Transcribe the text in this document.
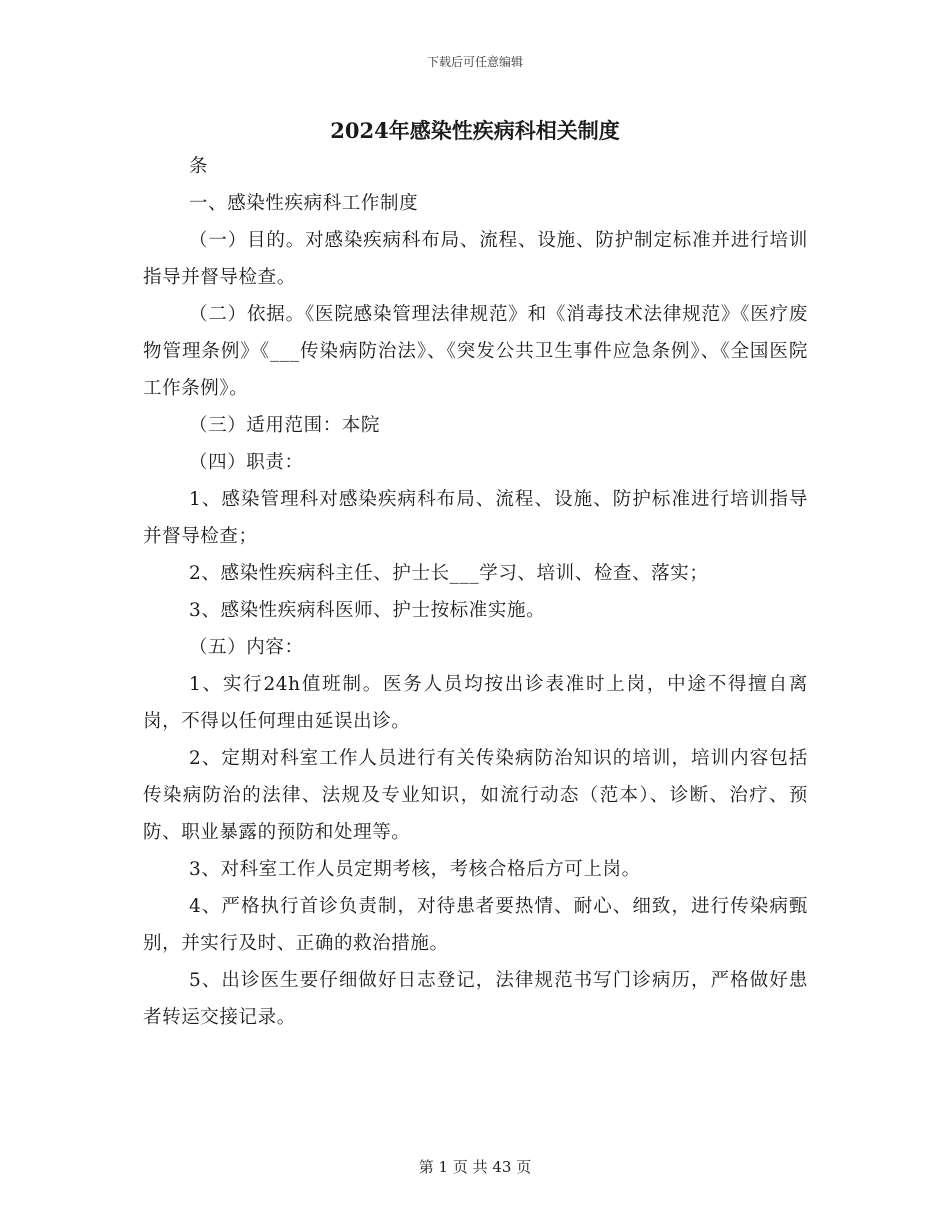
下载后可任意编辑
2024年感染性疾病科相关制度

条

一、感染性疾病科工作制度

（一）目的。对感染疾病科布局、流程、设施、防护制定标准并进行培训指导并督导检查。

（二）依据。《医院感染管理法律规范》和《消毒技术法律规范》《医疗废物管理条例》《___传染病防治法》、《突发公共卫生事件应急条例》、《全国医院工作条例》。

（三）适用范围：本院

（四）职责：

1、感染管理科对感染疾病科布局、流程、设施、防护标准进行培训指导并督导检查；

2、感染性疾病科主任、护士长___学习、培训、检查、落实；

3、感染性疾病科医师、护士按标准实施。

（五）内容：

1、实行24h值班制。医务人员均按出诊表准时上岗，中途不得擅自离岗，不得以任何理由延误出诊。

2、定期对科室工作人员进行有关传染病防治知识的培训，培训内容包括传染病防治的法律、法规及专业知识，如流行动态（范本）、诊断、治疗、预防、职业暴露的预防和处理等。

3、对科室工作人员定期考核，考核合格后方可上岗。

4、严格执行首诊负责制，对待患者要热情、耐心、细致，进行传染病甄别，并实行及时、正确的救治措施。

5、出诊医生要仔细做好日志登记，法律规范书写门诊病历，严格做好患者转运交接记录。

第 1 页 共 43 页
